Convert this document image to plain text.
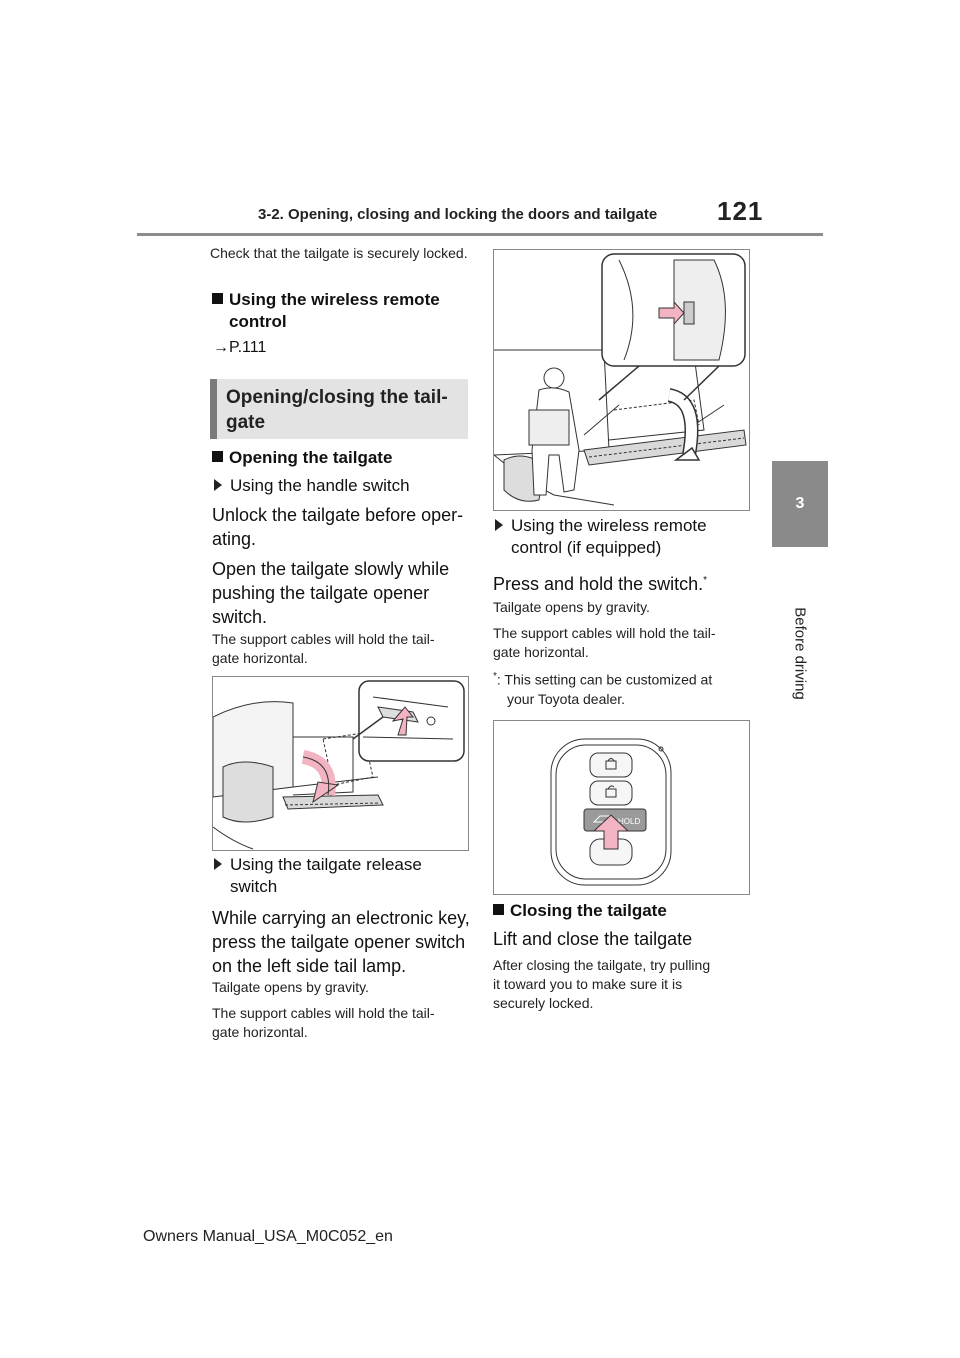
3-2. Opening, closing and locking the doors and tailgate 121
3
Before driving
Check that the tailgate is securely locked.
Using the wireless remote
control
→P.111
Opening/closing the tail-
gate
Opening the tailgate
Using the handle switch
Unlock the tailgate before oper-
ating.
Open the tailgate slowly while
pushing the tailgate opener
switch.
The support cables will hold the tail-
gate horizontal.
Using the tailgate release
switch
While carrying an electronic key,
press the tailgate opener switch
on the left side tail lamp.
Tailgate opens by gravity.
The support cables will hold the tail-
gate horizontal.
Using the wireless remote
control (if equipped)
Press and hold the switch.*
Tailgate opens by gravity.
The support cables will hold the tail-
gate horizontal.
*: This setting can be customized at
your Toyota dealer.
HOLD
Closing the tailgate
Lift and close the tailgate
After closing the tailgate, try pulling
it toward you to make sure it is
securely locked.
Owners Manual_USA_M0C052_en
